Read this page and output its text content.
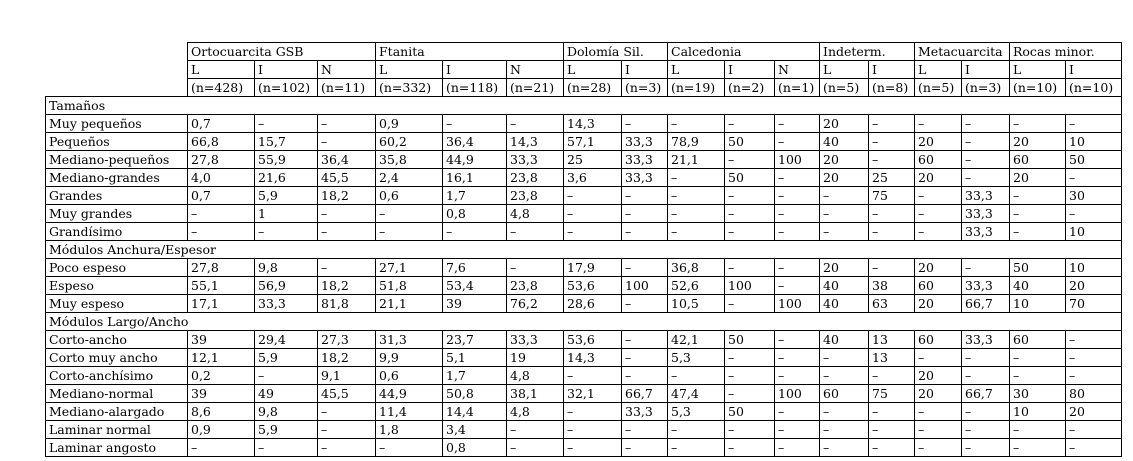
	Ortocuarcita GSB			Ftanita			Dolomía Sil.		Calcedonia			Indeterm.		Metacuarcita		Rocas minor.	
	L	I	N	L	I	N	L	I	L	I	N	L	I	L	I	L	I
	(n=428)	(n=102)	(n=11)	(n=332)	(n=118)	(n=21)	(n=28)	(n=3)	(n=19)	(n=2)	(n=1)	(n=5)	(n=8)	(n=5)	(n=3)	(n=10)	(n=10)
Tamaños																	
Muy pequeños	0,7	–	–	0,9	–	–	14,3	–	–	–	–	20	–	–	–	–	–
Pequeños	66,8	15,7	–	60,2	36,4	14,3	57,1	33,3	78,9	50	–	40	–	20	–	20	10
Mediano-pequeños	27,8	55,9	36,4	35,8	44,9	33,3	25	33,3	21,1	–	100	20	–	60	–	60	50
Mediano-grandes	4,0	21,6	45,5	2,4	16,1	23,8	3,6	33,3	–	50	–	20	25	20	–	20	–
Grandes	0,7	5,9	18,2	0,6	1,7	23,8	–	–	–	–	–	–	75	–	33,3	–	30
Muy grandes	–	1	–	–	0,8	4,8	–	–	–	–	–	–	–	–	33,3	–	–
Grandísimo	–	–	–	–	–	–	–	–	–	–	–	–	–	–	33,3	–	10
Módulos Anchura/Espesor																	
Poco espeso	27,8	9,8	–	27,1	7,6	–	17,9	–	36,8	–	–	20	–	20	–	50	10
Espeso	55,1	56,9	18,2	51,8	53,4	23,8	53,6	100	52,6	100	–	40	38	60	33,3	40	20
Muy espeso	17,1	33,3	81,8	21,1	39	76,2	28,6	–	10,5	–	100	40	63	20	66,7	10	70
Módulos Largo/Ancho																	
Corto-ancho	39	29,4	27,3	31,3	23,7	33,3	53,6	–	42,1	50	–	40	13	60	33,3	60	–
Corto muy ancho	12,1	5,9	18,2	9,9	5,1	19	14,3	–	5,3	–	–	–	13	–	–	–	–
Corto-anchísimo	0,2	–	9,1	0,6	1,7	4,8	–	–	–	–	–	–	–	20	–	–	–
Mediano-normal	39	49	45,5	44,9	50,8	38,1	32,1	66,7	47,4	–	100	60	75	20	66,7	30	80
Mediano-alargado	8,6	9,8	–	11,4	14,4	4,8	–	33,3	5,3	50	–	–	–	–	–	10	20
Laminar normal	0,9	5,9	–	1,8	3,4	–	–	–	–	–	–	–	–	–	–	–	–
Laminar angosto	–	–	–	–	0,8	–	–	–	–	–	–	–	–	–	–	–	–
